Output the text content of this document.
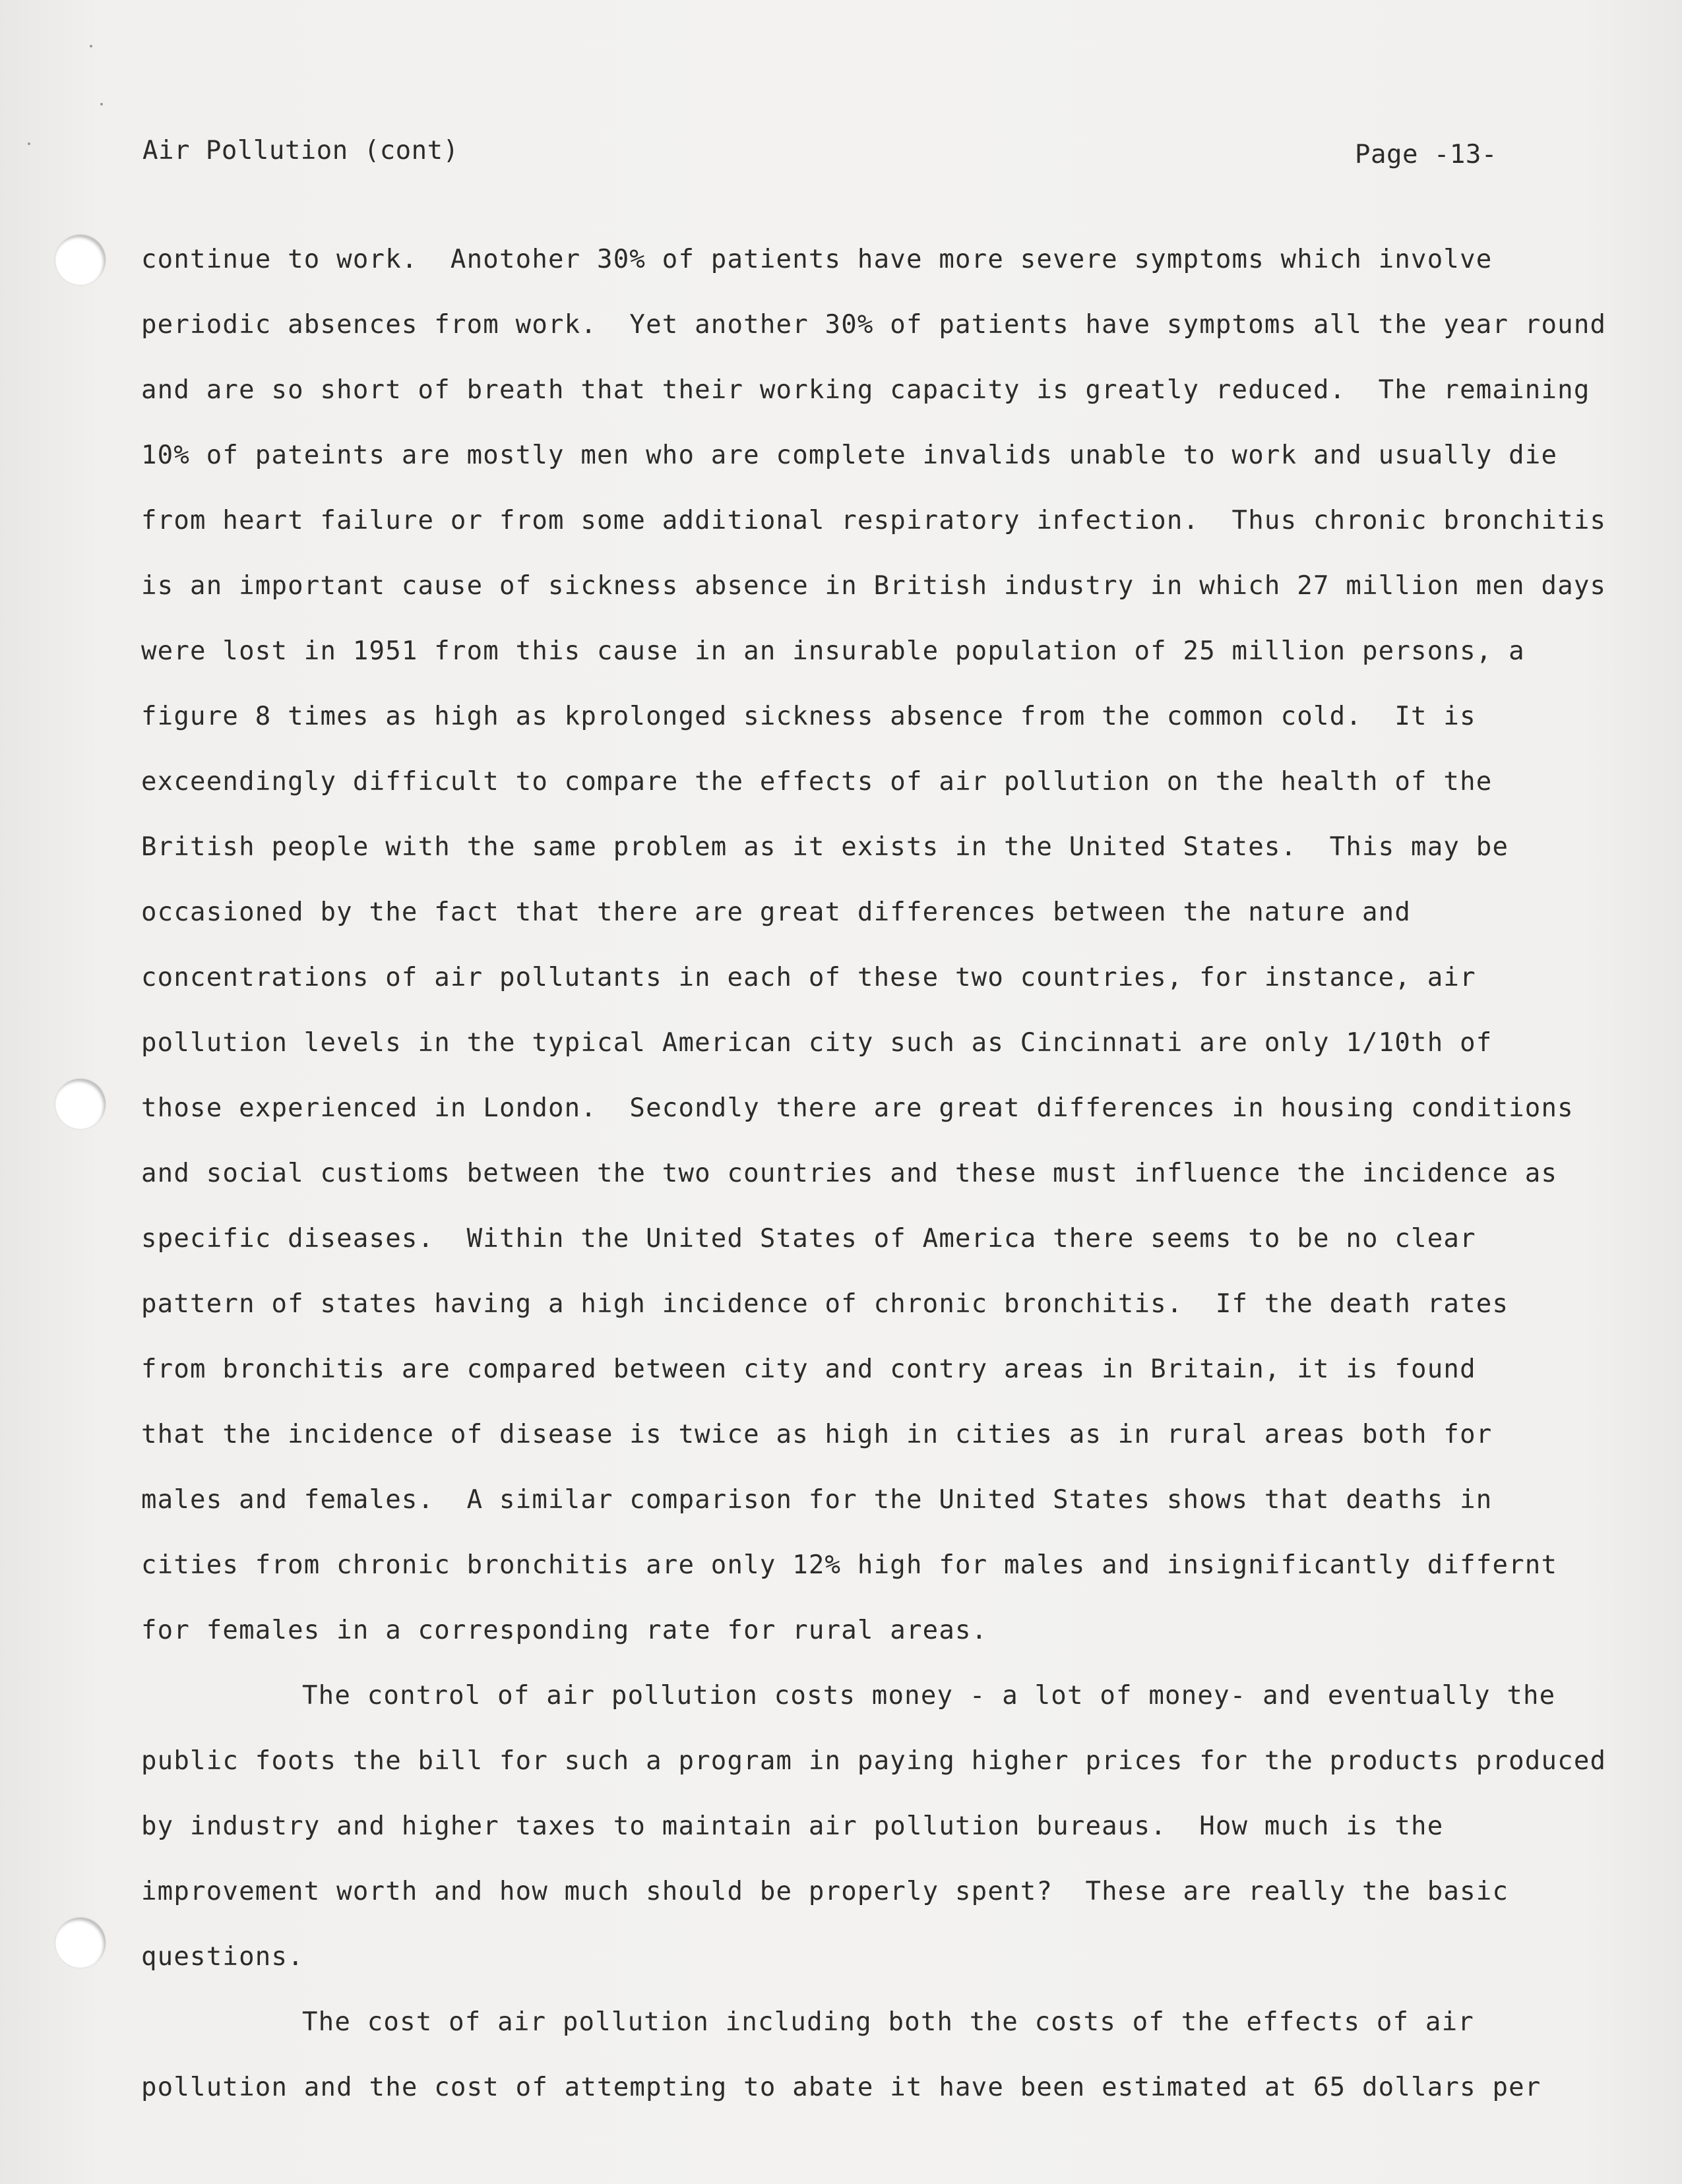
Air Pollution (cont)	Page -13-
continue to work.  Anotoher 30% of patients have more severe symptoms which involve
periodic absences from work.  Yet another 30% of patients have symptoms all the year round
and are so short of breath that their working capacity is greatly reduced.  The remaining
10% of pateints are mostly men who are complete invalids unable to work and usually die
from heart failure or from some additional respiratory infection.  Thus chronic bronchitis
is an important cause of sickness absence in British industry in which 27 million men days
were lost in 1951 from this cause in an insurable population of 25 million persons, a
figure 8 times as high as kprolonged sickness absence from the common cold.  It is
exceendingly difficult to compare the effects of air pollution on the health of the
British people with the same problem as it exists in the United States.  This may be
occasioned by the fact that there are great differences between the nature and
concentrations of air pollutants in each of these two countries, for instance, air
pollution levels in the typical American city such as Cincinnati are only 1/10th of
those experienced in London.  Secondly there are great differences in housing conditions
and social custioms between the two countries and these must influence the incidence as
specific diseases.  Within the United States of America there seems to be no clear
pattern of states having a high incidence of chronic bronchitis.  If the death rates
from bronchitis are compared between city and contry areas in Britain, it is found
that the incidence of disease is twice as high in cities as in rural areas both for
males and females.  A similar comparison for the United States shows that deaths in
cities from chronic bronchitis are only 12% high for males and insignificantly differnt
for females in a corresponding rate for rural areas.
The control of air pollution costs money - a lot of money- and eventually the
public foots the bill for such a program in paying higher prices for the products produced
by industry and higher taxes to maintain air pollution bureaus.  How much is the
improvement worth and how much should be properly spent?  These are really the basic
questions.
The cost of air pollution including both the costs of the effects of air
pollution and the cost of attempting to abate it have been estimated at 65 dollars per
